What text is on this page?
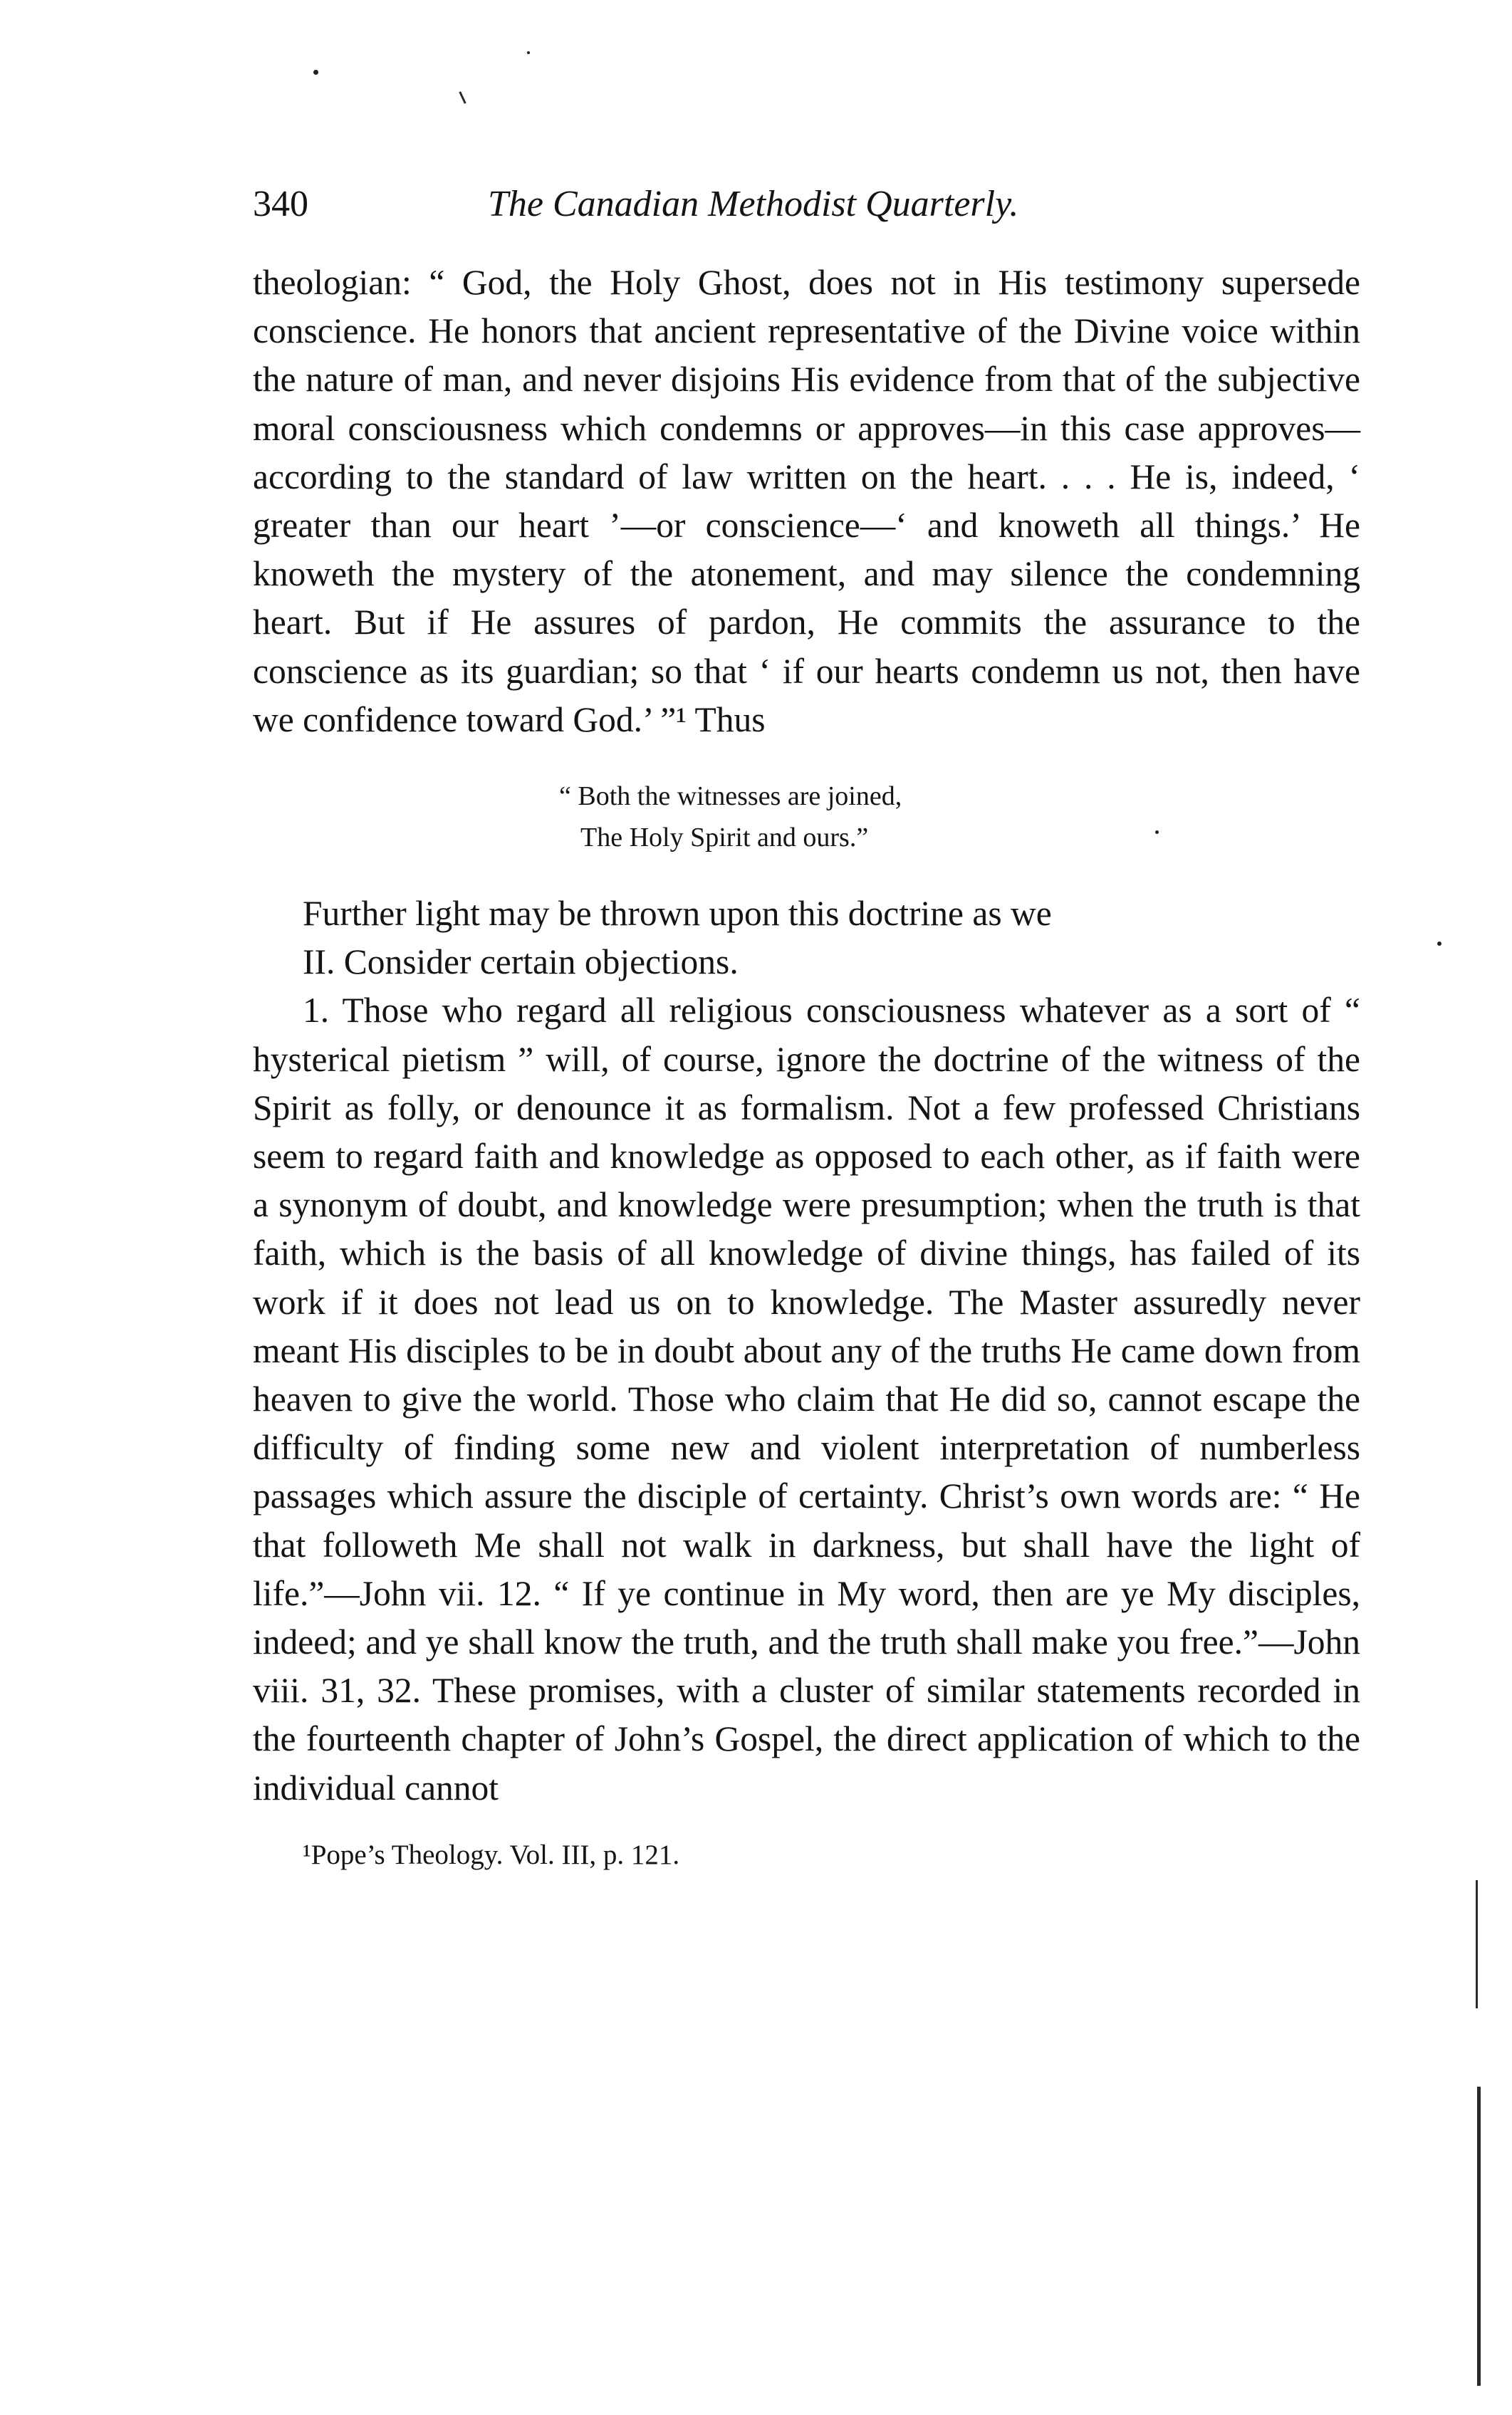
340	The Canadian Methodist Quarterly.

theologian: “ God, the Holy Ghost, does not in His testimony supersede conscience. He honors that ancient representative of the Divine voice within the nature of man, and never disjoins His evidence from that of the subjective moral consciousness which condemns or approves—in this case approves—according to the standard of law written on the heart. . . . He is, indeed, ‘ greater than our heart ’—or conscience—‘ and knoweth all things.’ He knoweth the mystery of the atonement, and may silence the condemning heart. But if He assures of pardon, He commits the assurance to the conscience as its guardian; so that ‘ if our hearts condemn us not, then have we confidence toward God.’ ”¹ Thus

“ Both the witnesses are joined,
The Holy Spirit and ours.”

Further light may be thrown upon this doctrine as we

II. Consider certain objections.

1. Those who regard all religious consciousness whatever as a sort of “ hysterical pietism ” will, of course, ignore the doctrine of the witness of the Spirit as folly, or denounce it as formalism. Not a few professed Christians seem to regard faith and knowledge as opposed to each other, as if faith were a synonym of doubt, and knowledge were presumption; when the truth is that faith, which is the basis of all knowledge of divine things, has failed of its work if it does not lead us on to knowledge. The Master assuredly never meant His disciples to be in doubt about any of the truths He came down from heaven to give the world. Those who claim that He did so, cannot escape the difficulty of finding some new and violent interpretation of numberless passages which assure the disciple of certainty. Christ’s own words are: “ He that followeth Me shall not walk in darkness, but shall have the light of life.”—John vii. 12. “ If ye continue in My word, then are ye My disciples, indeed; and ye shall know the truth, and the truth shall make you free.”—John viii. 31, 32. These promises, with a cluster of similar statements recorded in the fourteenth chapter of John’s Gospel, the direct application of which to the individual cannot

¹Pope’s Theology. Vol. III, p. 121.
